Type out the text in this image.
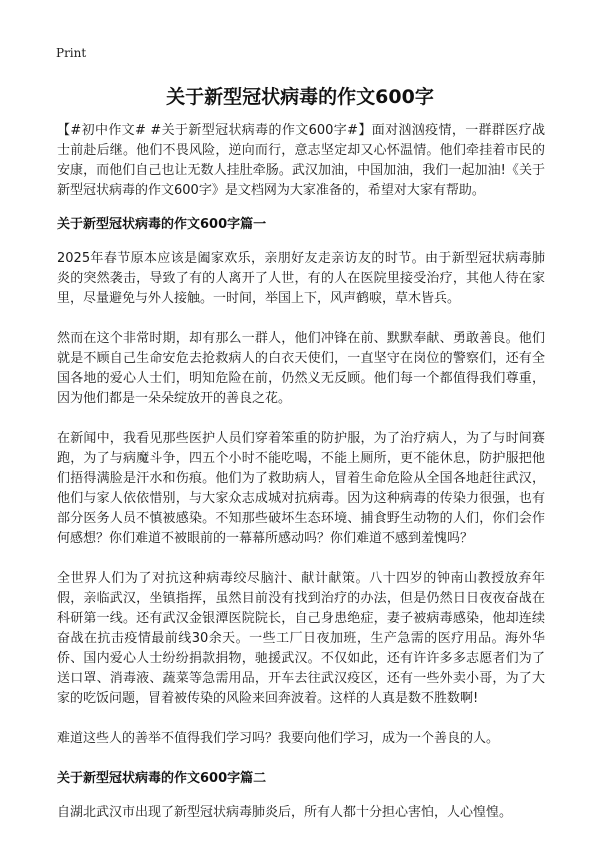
Print
关于新型冠状病毒的作文600字

【#初中作文# #关于新型冠状病毒的作文600字#】面对汹汹疫情，一群群医疗战士前赴后继。他们不畏风险，逆向而行，意志坚定却又心怀温情。他们牵挂着市民的安康，而他们自己也让无数人挂肚牵肠。武汉加油，中国加油，我们一起加油!《关于新型冠状病毒的作文600字》是文档网为大家准备的，希望对大家有帮助。

关于新型冠状病毒的作文600字篇一

2025年春节原本应该是阖家欢乐，亲朋好友走亲访友的时节。由于新型冠状病毒肺炎的突然袭击，导致了有的人离开了人世，有的人在医院里接受治疗，其他人待在家里，尽量避免与外人接触。一时间，举国上下，风声鹤唳，草木皆兵。

然而在这个非常时期，却有那么一群人，他们冲锋在前、默默奉献、勇敢善良。他们就是不顾自己生命安危去抢救病人的白衣天使们，一直坚守在岗位的警察们，还有全国各地的爱心人士们，明知危险在前，仍然义无反顾。他们每一个都值得我们尊重，因为他们都是一朵朵绽放开的善良之花。

在新闻中，我看见那些医护人员们穿着笨重的防护服，为了治疗病人，为了与时间赛跑，为了与病魔斗争，四五个小时不能吃喝，不能上厕所，更不能休息，防护服把他们捂得满脸是汗水和伤痕。他们为了救助病人，冒着生命危险从全国各地赶往武汉，他们与家人依依惜别，与大家众志成城对抗病毒。因为这种病毒的传染力很强，也有部分医务人员不慎被感染。不知那些破坏生态环境、捕食野生动物的人们，你们会作何感想？你们难道不被眼前的一幕幕所感动吗？你们难道不感到羞愧吗？

全世界人们为了对抗这种病毒绞尽脑汁、献计献策。八十四岁的钟南山教授放弃年假，亲临武汉，坐镇指挥，虽然目前没有找到治疗的办法，但是仍然日日夜夜奋战在科研第一线。还有武汉金银潭医院院长，自己身患绝症，妻子被病毒感染，他却连续奋战在抗击疫情最前线30余天。一些工厂日夜加班，生产急需的医疗用品。海外华侨、国内爱心人士纷纷捐款捐物，驰援武汉。不仅如此，还有许许多多志愿者们为了送口罩、消毒液、蔬菜等急需用品，开车去往武汉疫区，还有一些外卖小哥，为了大家的吃饭问题，冒着被传染的风险来回奔波着。这样的人真是数不胜数啊!

难道这些人的善举不值得我们学习吗？我要向他们学习，成为一个善良的人。

关于新型冠状病毒的作文600字篇二

自湖北武汉市出现了新型冠状病毒肺炎后，所有人都十分担心害怕，人心惶惶。
